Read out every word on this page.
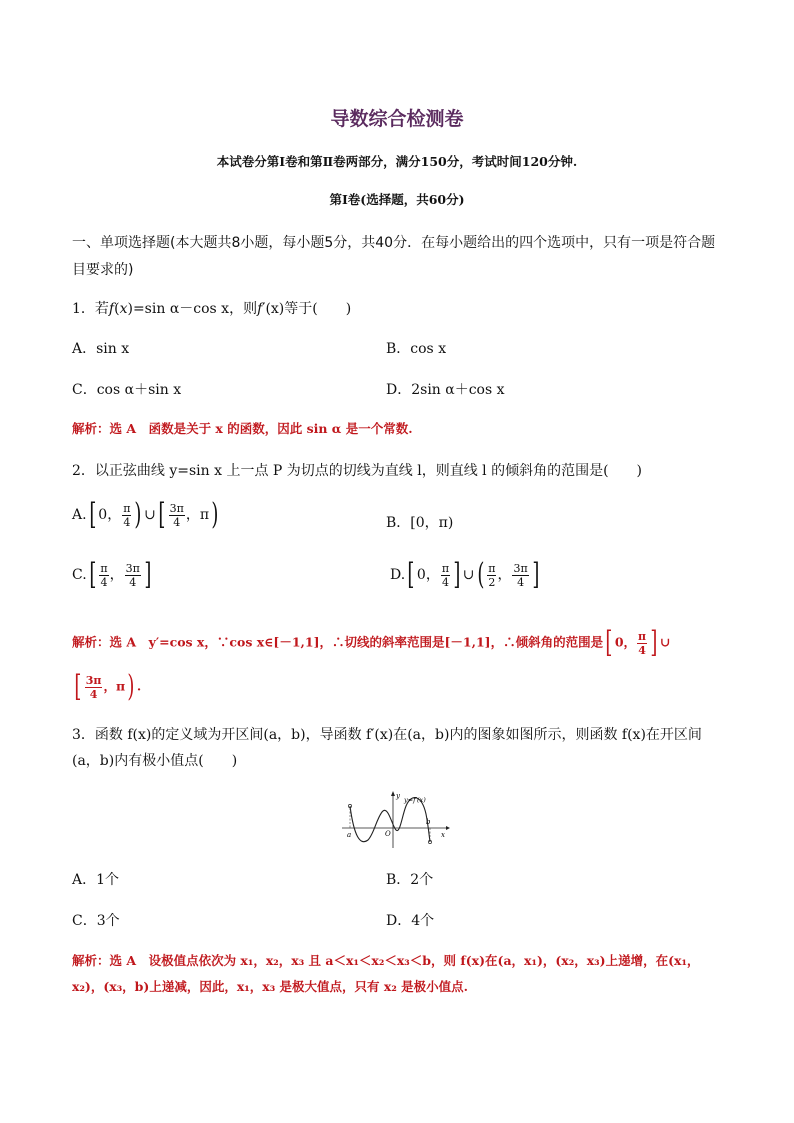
导数综合检测卷
本试卷分第Ⅰ卷和第Ⅱ卷两部分，满分150分，考试时间120分钟.
第Ⅰ卷(选择题，共60分)
一、单项选择题(本大题共8小题，每小题5分，共40分．在每小题给出的四个选项中，只有一项是符合题目要求的)
1．若f(x)=sin α－cos x，则f′(x)等于(　　)
A．sin x	B．cos x
C．cos α＋sin x	D．2sin α＋cos x
解析：选 A　函数是关于 x 的函数，因此 sin α 是一个常数.
2．以正弦曲线 y=sin x 上一点 P 为切点的切线为直线 l，则直线 l 的倾斜角的范围是(　　)
A.[ 0， $\frac{\pi}{4}$ ) ∪[ $\frac{3\pi}{4}$ ，π)	B．[0，π)
$C.[ \frac{\pi}{4}$ ， $\frac{3\pi}{4}$ ]	D.[ 0， $\frac{\pi}{4}$ ] ∪( $\frac{\pi}{2}$ ， $\frac{3\pi}{4}$ ]
解析：选 A　y′=cos x，∵cos x∈[－1,1]，∴切线的斜率范围是[－1,1]，∴倾斜角的范围是[ 0， $\frac{\pi}{4}$ ] ∪
[ $\frac{3\pi}{4}$ ，π) .
3．函数 f(x)的定义域为开区间(a，b)，导函数 f′(x)在(a，b)内的图象如图所示，则函数 f(x)在开区间(a，b)内有极小值点(　　)
a
b
O	x
y y=f′(x)
A．1个	B．2个
C．3个	D．4个
解析：选 A　设极值点依次为 x₁，x₂，x₃ 且 a＜x₁＜x₂＜x₃＜b，则 f(x)在(a，x₁)，(x₂，x₃)上递增，在(x₁，x₂)，(x₃，b)上递减，因此，x₁，x₃ 是极大值点，只有 x₂ 是极小值点.
